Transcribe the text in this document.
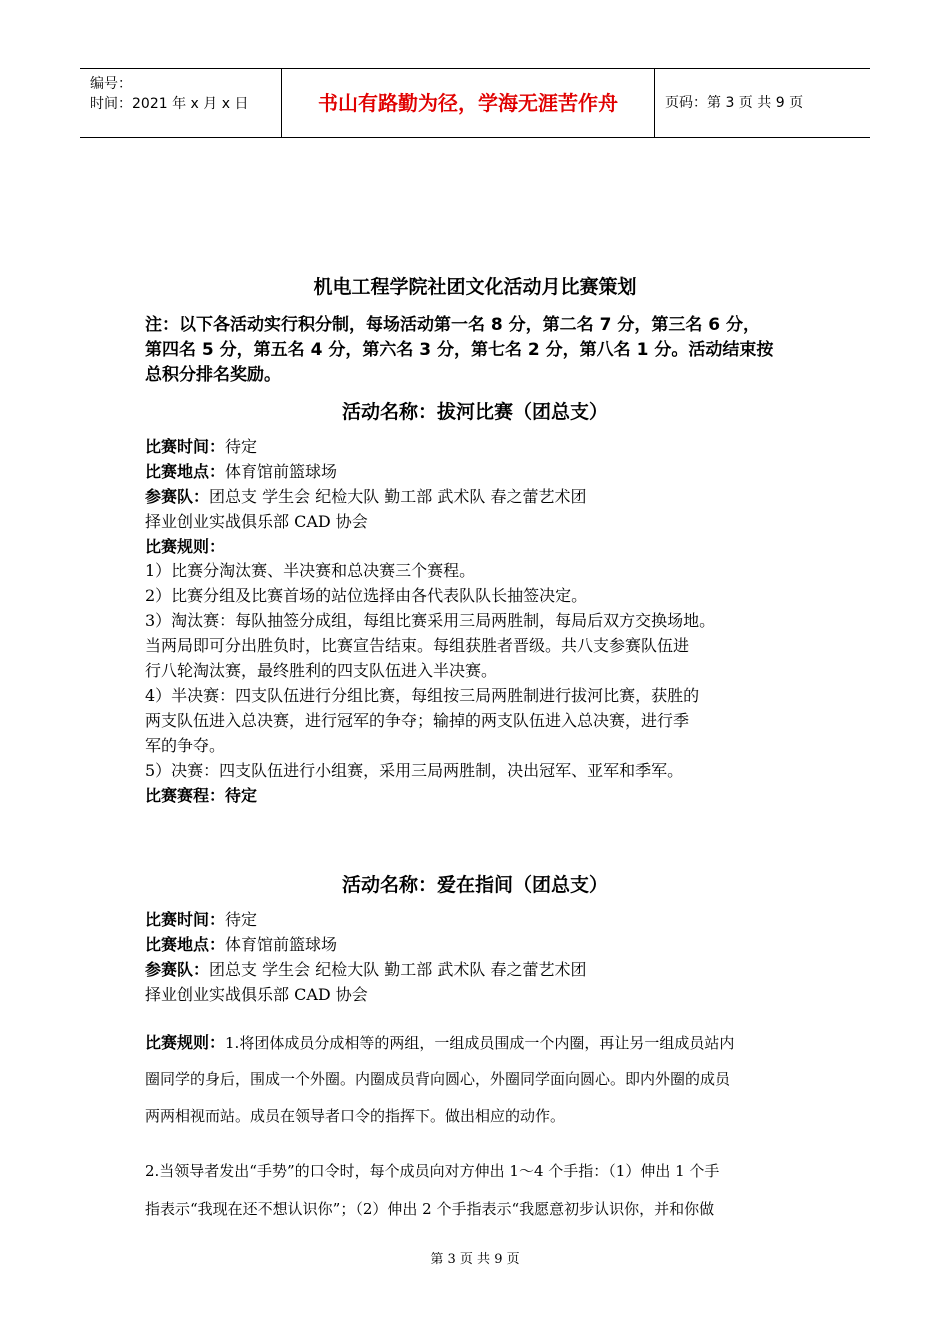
编号：
时间：2021 年 x 月 x 日	书山有路勤为径，学海无涯苦作舟	页码：第 3 页 共 9 页
机电工程学院社团文化活动月比赛策划
注：以下各活动实行积分制，每场活动第一名 8 分，第二名 7 分，第三名 6 分，
第四名 5 分，第五名 4 分，第六名 3 分，第七名 2 分，第八名 1 分。活动结束按
总积分排名奖励。
活动名称：拔河比赛（团总支）
比赛时间：待定
比赛地点：体育馆前篮球场
参赛队：团总支 学生会 纪检大队 勤工部 武术队 春之蕾艺术团
择业创业实战俱乐部 CAD 协会
比赛规则：
1）比赛分淘汰赛、半决赛和总决赛三个赛程。
2）比赛分组及比赛首场的站位选择由各代表队队长抽签决定。
3）淘汰赛：每队抽签分成组，每组比赛采用三局两胜制，每局后双方交换场地。
当两局即可分出胜负时，比赛宣告结束。每组获胜者晋级。共八支参赛队伍进
行八轮淘汰赛，最终胜利的四支队伍进入半决赛。
4）半决赛：四支队伍进行分组比赛，每组按三局两胜制进行拔河比赛，获胜的
两支队伍进入总决赛，进行冠军的争夺；输掉的两支队伍进入总决赛，进行季
军的争夺。
5）决赛：四支队伍进行小组赛，采用三局两胜制，决出冠军、亚军和季军。
比赛赛程：待定
活动名称：爱在指间（团总支）
比赛时间：待定
比赛地点：体育馆前篮球场
参赛队：团总支 学生会 纪检大队 勤工部 武术队 春之蕾艺术团
择业创业实战俱乐部 CAD 协会
比赛规则：1.将团体成员分成相等的两组，一组成员围成一个内圈，再让另一组成员站内
圈同学的身后，围成一个外圈。内圈成员背向圆心，外圈同学面向圆心。即内外圈的成员
两两相视而站。成员在领导者口令的指挥下。做出相应的动作。
2.当领导者发出“手势”的口令时，每个成员向对方伸出 1～4 个手指：（1）伸出 1 个手
指表示“我现在还不想认识你”；（2）伸出 2 个手指表示“我愿意初步认识你，并和你做
第 3 页 共 9 页
